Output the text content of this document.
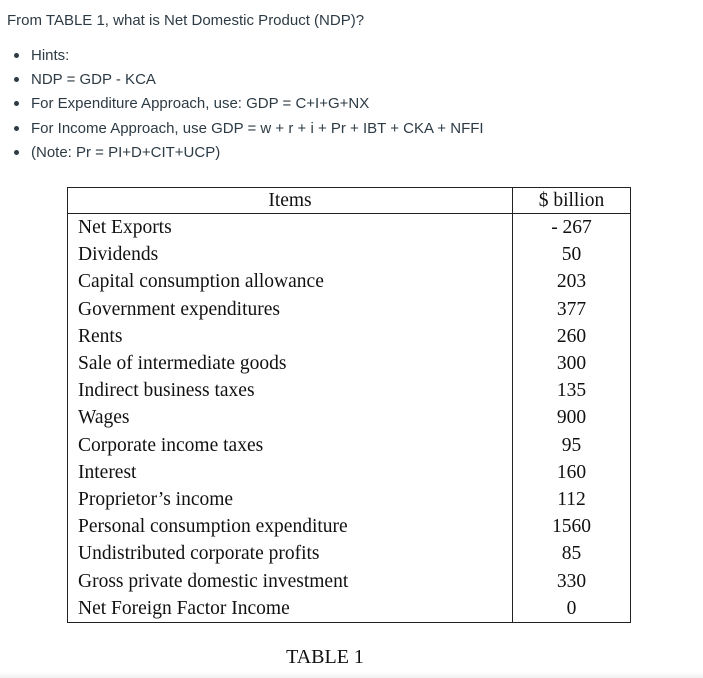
From TABLE 1, what is Net Domestic Product (NDP)?

Hints:
NDP = GDP - KCA
For Expenditure Approach, use: GDP = C+I+G+NX
For Income Approach, use GDP = w + r + i + Pr + IBT + CKA + NFFI
(Note: Pr = PI+D+CIT+UCP)
Items	$ billion
Net Exports	- 267
Dividends	50
Capital consumption allowance	203
Government expenditures	377
Rents	260
Sale of intermediate goods	300
Indirect business taxes	135
Wages	900
Corporate income taxes	95
Interest	160
Proprietor’s income	112
Personal consumption expenditure	1560
Undistributed corporate profits	85
Gross private domestic investment	330
Net Foreign Factor Income	0
TABLE 1
